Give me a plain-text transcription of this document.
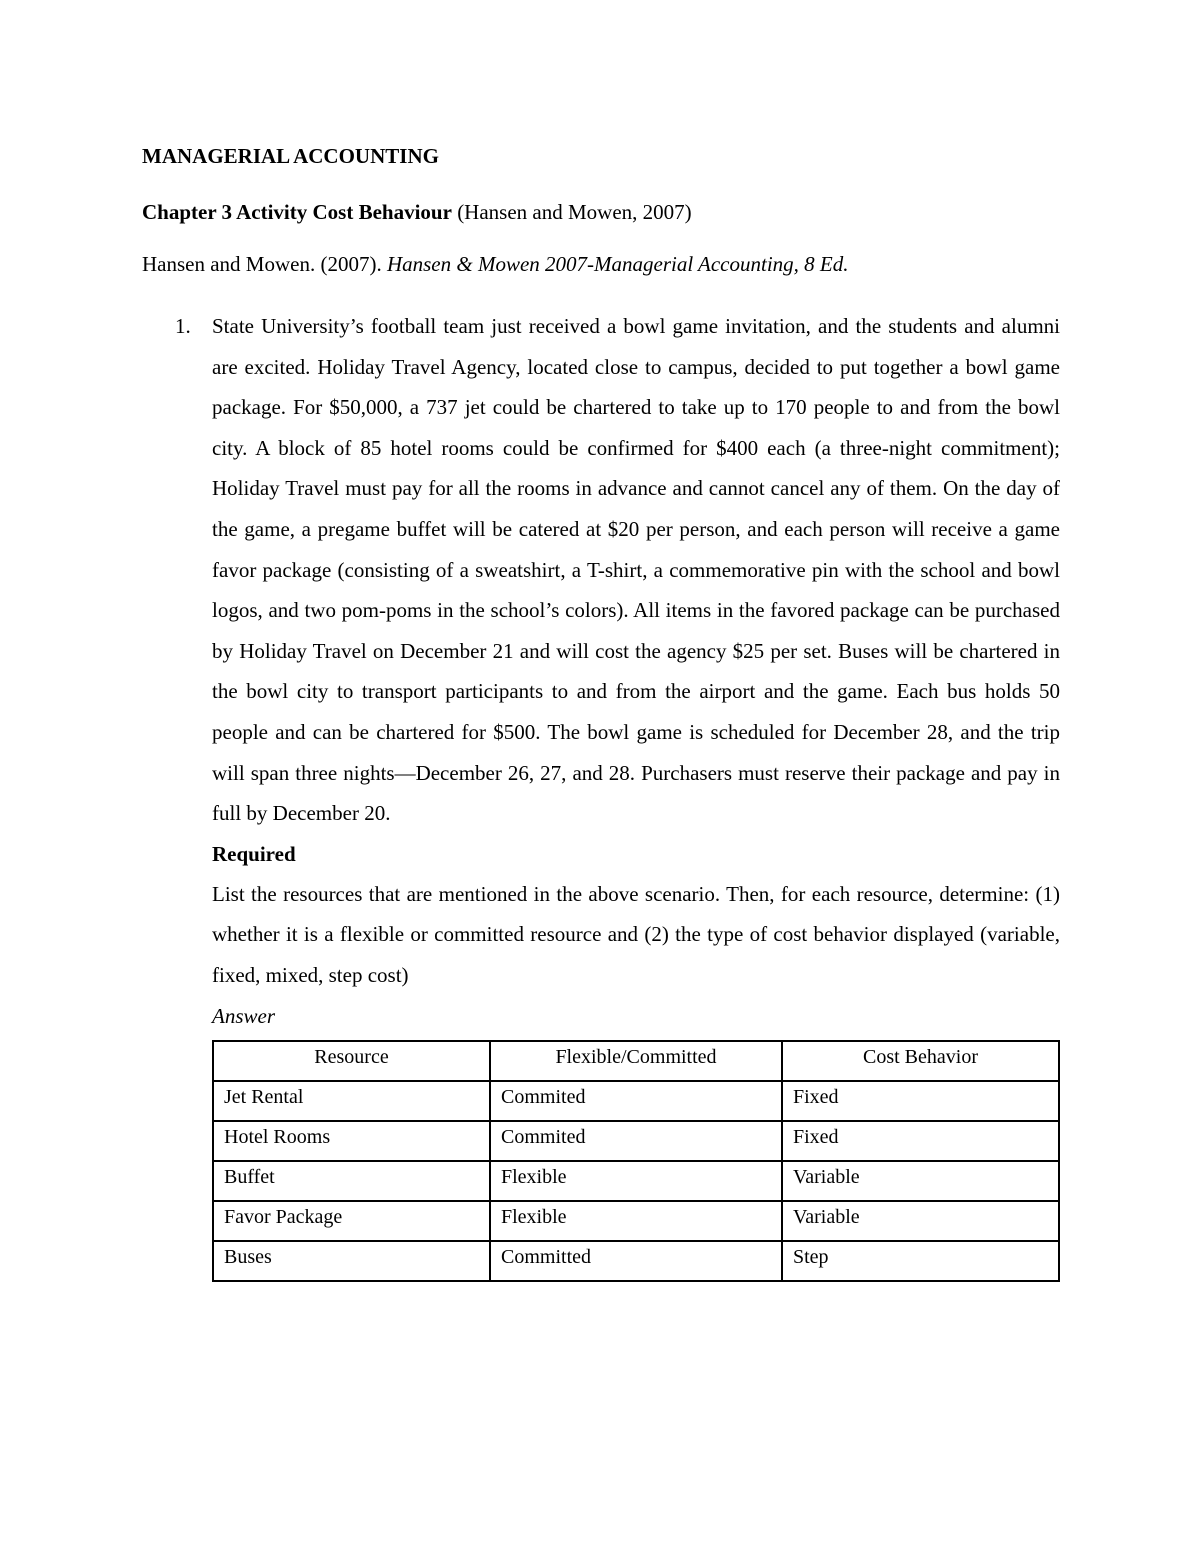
MANAGERIAL ACCOUNTING

Chapter 3 Activity Cost Behaviour (Hansen and Mowen, 2007)

Hansen and Mowen. (2007). Hansen & Mowen 2007-Managerial Accounting, 8 Ed.

1. State University’s football team just received a bowl game invitation, and the students and alumni are excited. Holiday Travel Agency, located close to campus, decided to put together a bowl game package. For $50,000, a 737 jet could be chartered to take up to 170 people to and from the bowl city. A block of 85 hotel rooms could be confirmed for $400 each (a three-night commitment); Holiday Travel must pay for all the rooms in advance and cannot cancel any of them. On the day of the game, a pregame buffet will be catered at $20 per person, and each person will receive a game favor package (consisting of a sweatshirt, a T-shirt, a commemorative pin with the school and bowl logos, and two pom-poms in the school’s colors). All items in the favored package can be purchased by Holiday Travel on December 21 and will cost the agency $25 per set. Buses will be chartered in the bowl city to transport participants to and from the airport and the game. Each bus holds 50 people and can be chartered for $500. The bowl game is scheduled for December 28, and the trip will span three nights—December 26, 27, and 28. Purchasers must reserve their package and pay in full by December 20.

Required

List the resources that are mentioned in the above scenario. Then, for each resource, determine: (1) whether it is a flexible or committed resource and (2) the type of cost behavior displayed (variable, fixed, mixed, step cost)

Answer

Resource	Flexible/Committed	Cost Behavior
Jet Rental	Commited	Fixed
Hotel Rooms	Commited	Fixed
Buffet	Flexible	Variable
Favor Package	Flexible	Variable
Buses	Committed	Step
